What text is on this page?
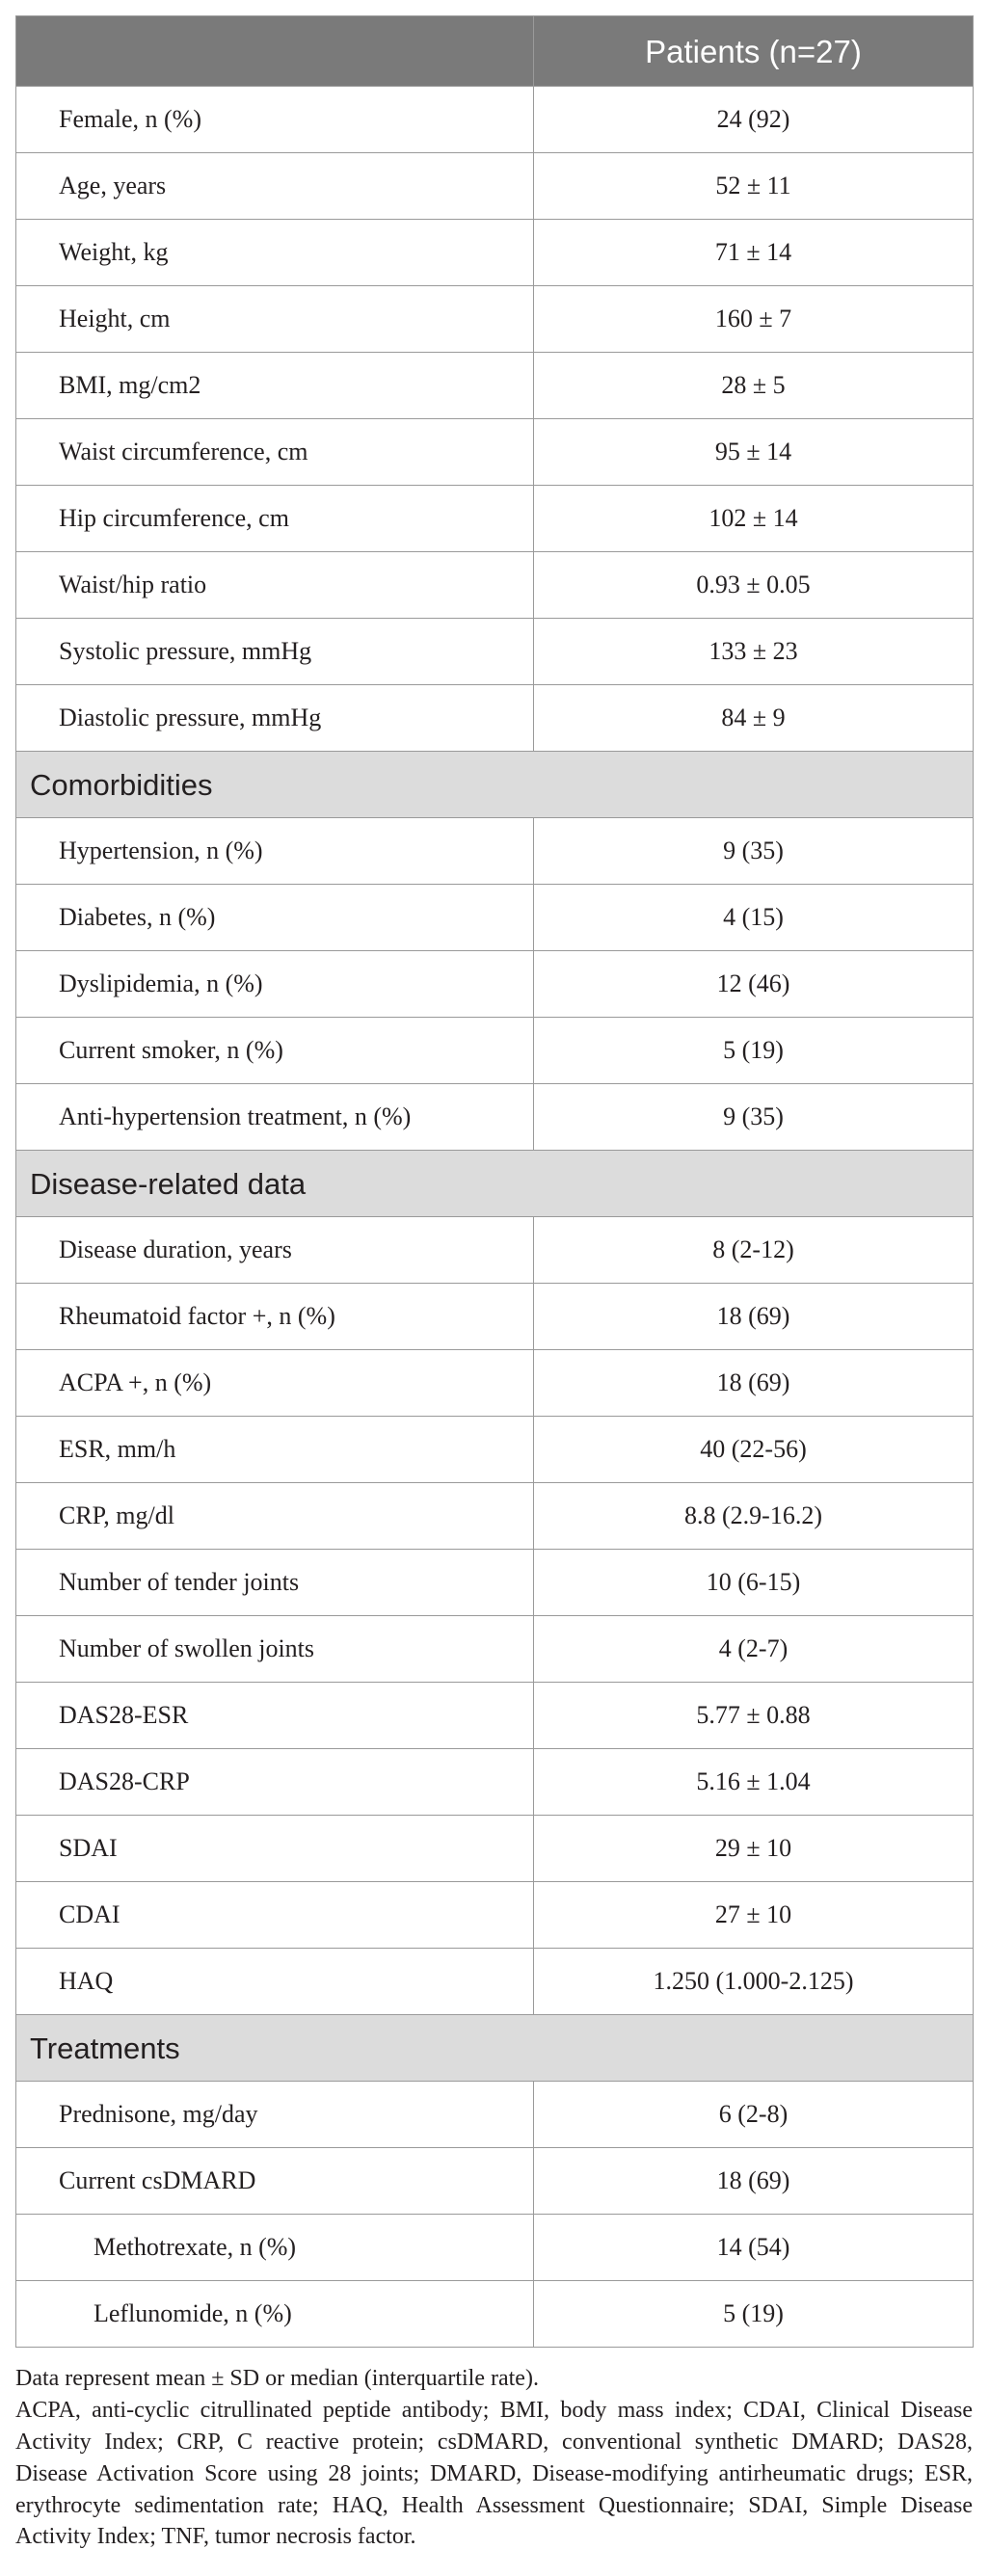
	Patients (n=27)
Female, n (%)	24 (92)
Age, years	52 ± 11
Weight, kg	71 ± 14
Height, cm	160 ± 7
BMI, mg/cm2	28 ± 5
Waist circumference, cm	95 ± 14
Hip circumference, cm	102 ± 14
Waist/hip ratio	0.93 ± 0.05
Systolic pressure, mmHg	133 ± 23
Diastolic pressure, mmHg	84 ± 9
Comorbidities	
Hypertension, n (%)	9 (35)
Diabetes, n (%)	4 (15)
Dyslipidemia, n (%)	12 (46)
Current smoker, n (%)	5 (19)
Anti-hypertension treatment, n (%)	9 (35)
Disease-related data	
Disease duration, years	8 (2-12)
Rheumatoid factor +, n (%)	18 (69)
ACPA +, n (%)	18 (69)
ESR, mm/h	40 (22-56)
CRP, mg/dl	8.8 (2.9-16.2)
Number of tender joints	10 (6-15)
Number of swollen joints	4 (2-7)
DAS28-ESR	5.77 ± 0.88
DAS28-CRP	5.16 ± 1.04
SDAI	29 ± 10
CDAI	27 ± 10
HAQ	1.250 (1.000-2.125)
Treatments	
Prednisone, mg/day	6 (2-8)
Current csDMARD	18 (69)
Methotrexate, n (%)	14 (54)
Leflunomide, n (%)	5 (19)

Data represent mean ± SD or median (interquartile rate).

ACPA, anti-cyclic citrullinated peptide antibody; BMI, body mass index; CDAI, Clinical Disease Activity Index; CRP, C reactive protein; csDMARD, conventional synthetic DMARD; DAS28, Disease Activation Score using 28 joints; DMARD, Disease-modifying antirheumatic drugs; ESR, erythrocyte sedimentation rate; HAQ, Health Assessment Questionnaire; SDAI, Simple Disease Activity Index; TNF, tumor necrosis factor.
